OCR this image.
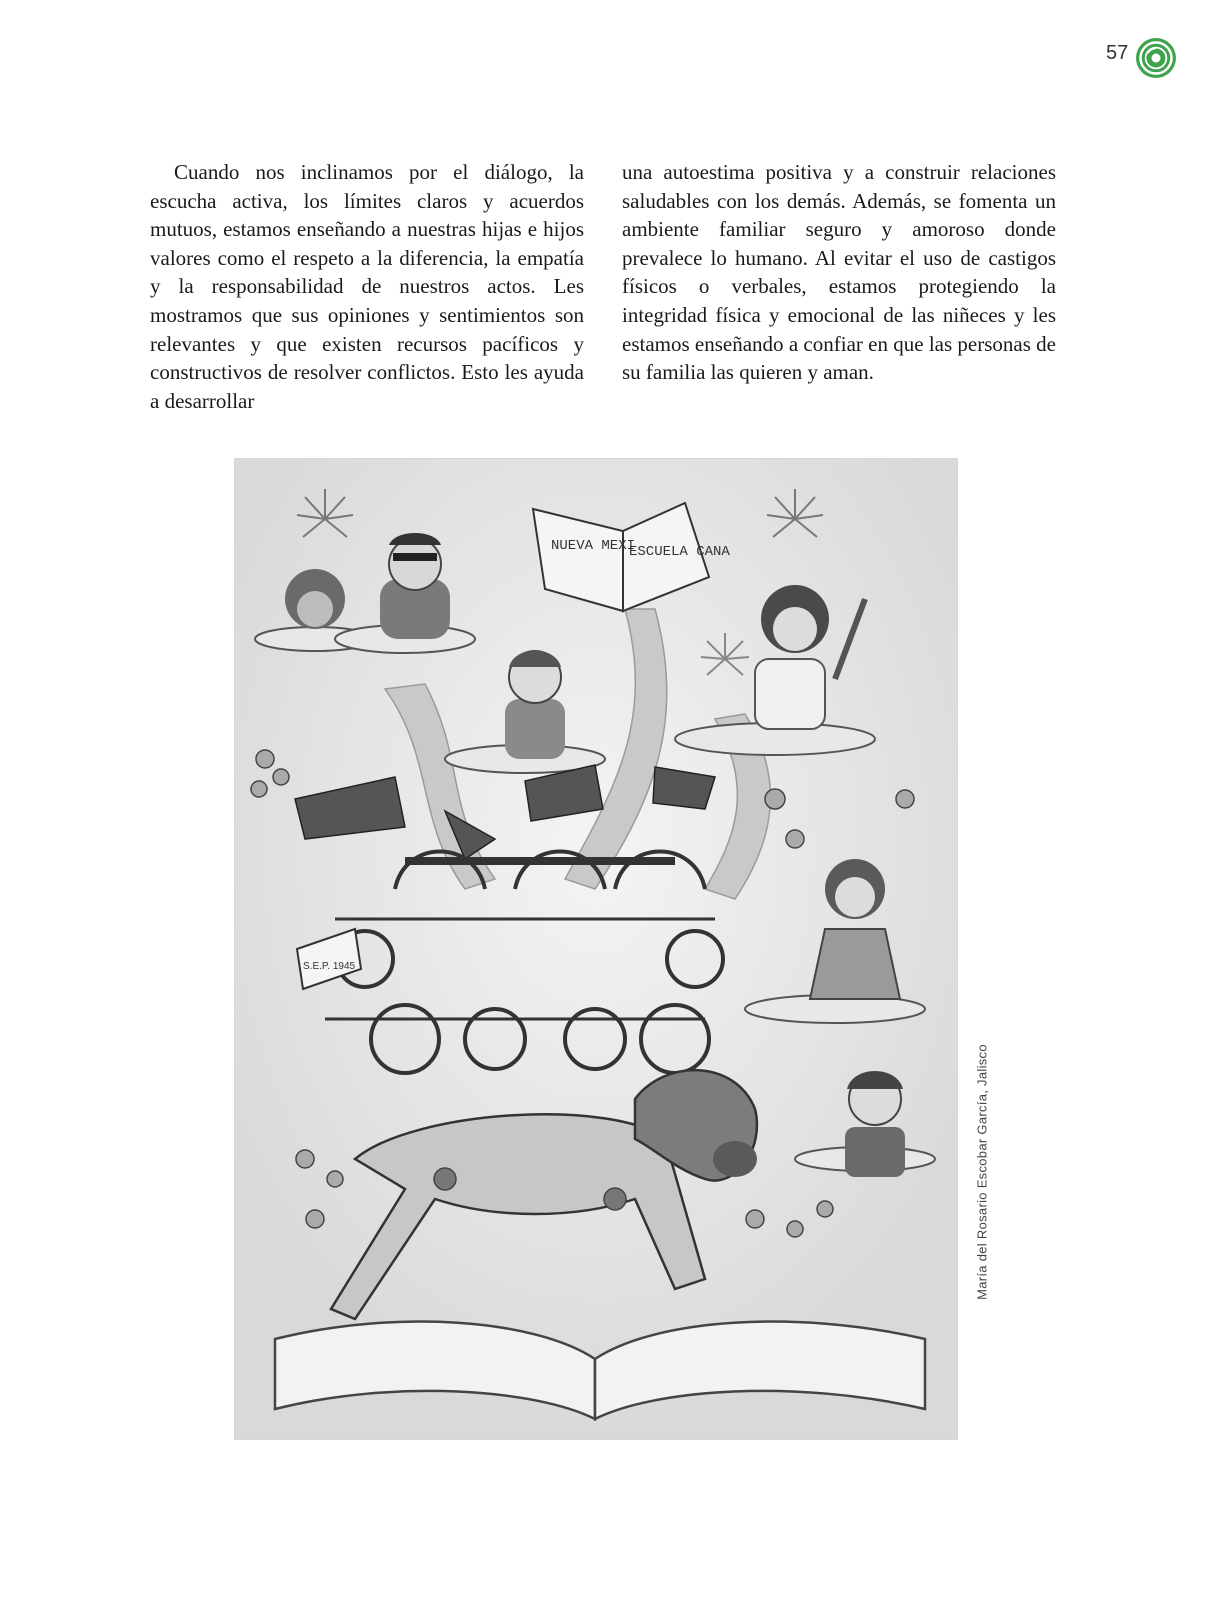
57

Cuando nos inclinamos por el diálogo, la escucha activa, los límites claros y acuerdos mutuos, estamos enseñando a nuestras hijas e hijos valores como el respeto a la diferencia, la empatía y la responsabilidad de nuestros actos. Les mostramos que sus opiniones y sentimientos son relevantes y que existen recursos pacíficos y constructivos de resolver conflictos. Esto les ayuda a desarrollar

una autoestima positiva y a construir relaciones saludables con los demás. Además, se fomenta un ambiente familiar seguro y amoroso donde prevalece lo humano. Al evitar el uso de castigos físicos o verbales, estamos protegiendo la integridad física y emocional de las niñeces y les estamos enseñando a confiar en que las personas de su familia las quieren y aman.

NUEVA MEXI
ESCUELA CANA
S.E.P. 1945
María del Rosario Escobar García, Jalisco
